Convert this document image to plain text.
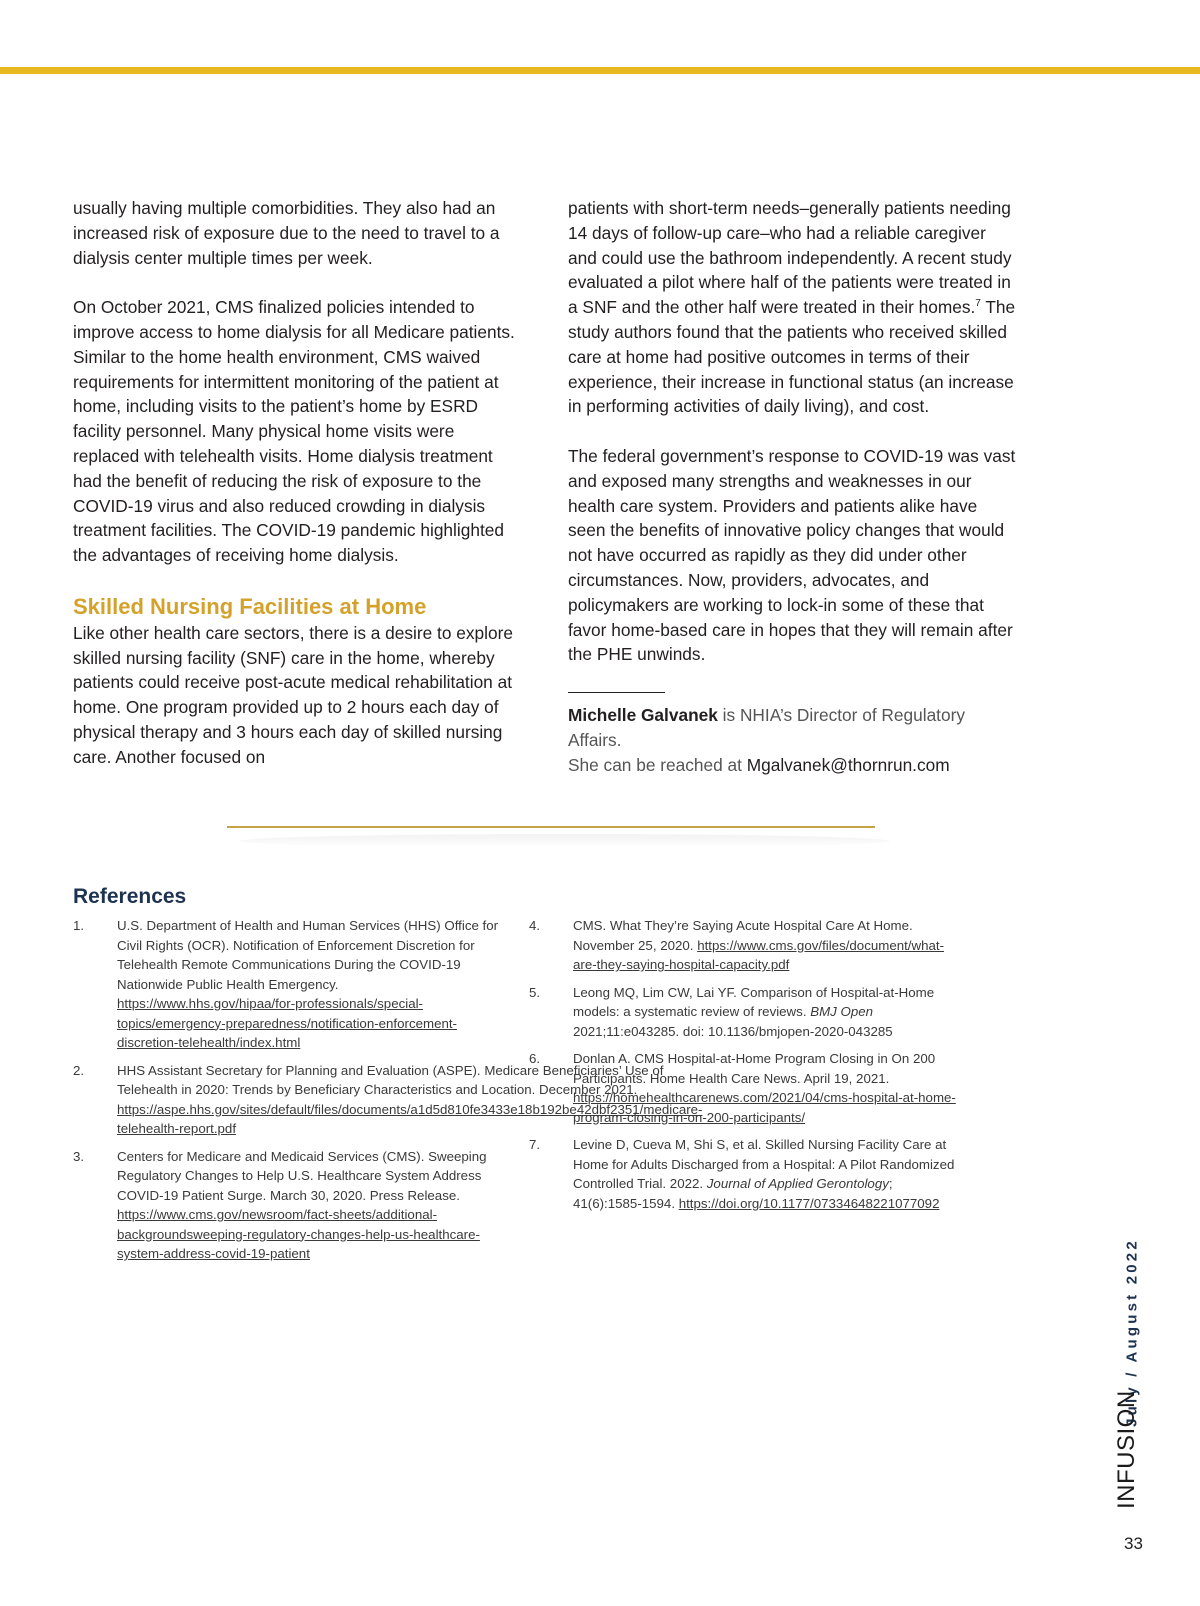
usually having multiple comorbidities. They also had an increased risk of exposure due to the need to travel to a dialysis center multiple times per week.

On October 2021, CMS finalized policies intended to improve access to home dialysis for all Medicare patients. Similar to the home health environment, CMS waived requirements for intermittent monitoring of the patient at home, including visits to the patient’s home by ESRD facility personnel. Many physical home visits were replaced with telehealth visits. Home dialysis treatment had the benefit of reducing the risk of exposure to the COVID-19 virus and also reduced crowding in dialysis treatment facilities. The COVID-19 pandemic highlighted the advantages of receiving home dialysis.

Skilled Nursing Facilities at Home

Like other health care sectors, there is a desire to explore skilled nursing facility (SNF) care in the home, whereby patients could receive post-acute medical rehabilitation at home. One program provided up to 2 hours each day of physical therapy and 3 hours each day of skilled nursing care. Another focused on

patients with short-term needs–generally patients needing 14 days of follow-up care–who had a reliable caregiver and could use the bathroom independently. A recent study evaluated a pilot where half of the patients were treated in a SNF and the other half were treated in their homes.$^7$ The study authors found that the patients who received skilled care at home had positive outcomes in terms of their experience, their increase in functional status (an increase in performing activities of daily living), and cost.

The federal government’s response to COVID-19 was vast and exposed many strengths and weaknesses in our health care system. Providers and patients alike have seen the benefits of innovative policy changes that would not have occurred as rapidly as they did under other circumstances. Now, providers, advocates, and policymakers are working to lock-in some of these that favor home-based care in hopes that they will remain after the PHE unwinds.

Michelle Galvanek is NHIA’s Director of Regulatory Affairs.
She can be reached at Mgalvanek@thornrun.com
References
1.	U.S. Department of Health and Human Services (HHS) Office for Civil Rights (OCR). Notification of Enforcement Discretion for Telehealth Remote Communications During the COVID-19 Nationwide Public Health Emergency. https://www.hhs.gov/hipaa/for-professionals/special-topics/emergency-preparedness/notification-enforcement-discretion-telehealth/index.html
2.	HHS Assistant Secretary for Planning and Evaluation (ASPE). Medicare Beneficiaries’ Use of Telehealth in 2020: Trends by Beneficiary Characteristics and Location. December 2021. https://aspe.hhs.gov/sites/default/files/documents/a1d5d810fe3433e18b192be42dbf2351/medicare-telehealth-report.pdf
3.	Centers for Medicare and Medicaid Services (CMS). Sweeping Regulatory Changes to Help U.S. Healthcare System Address COVID-19 Patient Surge. March 30, 2020. Press Release. https://www.cms.gov/newsroom/fact-sheets/additional-backgroundsweeping-regulatory-changes-help-us-healthcare-system-address-covid-19-patient
4.	CMS. What They’re Saying Acute Hospital Care At Home. November 25, 2020. https://www.cms.gov/files/document/what-are-they-saying-hospital-capacity.pdf
5.	Leong MQ, Lim CW, Lai YF. Comparison of Hospital-at-Home models: a systematic review of reviews. BMJ Open 2021;11:e043285. doi: 10.1136/bmjopen-2020-043285
6.	Donlan A. CMS Hospital-at-Home Program Closing in On 200 Participants. Home Health Care News. April 19, 2021. https://homehealthcarenews.com/2021/04/cms-hospital-at-home-program-closing-in-on-200-participants/
7.	Levine D, Cueva M, Shi S, et al. Skilled Nursing Facility Care at Home for Adults Discharged from a Hospital: A Pilot Randomized Controlled Trial. 2022. Journal of Applied Gerontology; 41(6):1585-1594. https://doi.org/10.1177/07334648221077092
July / August 2022
INFUSION
33
